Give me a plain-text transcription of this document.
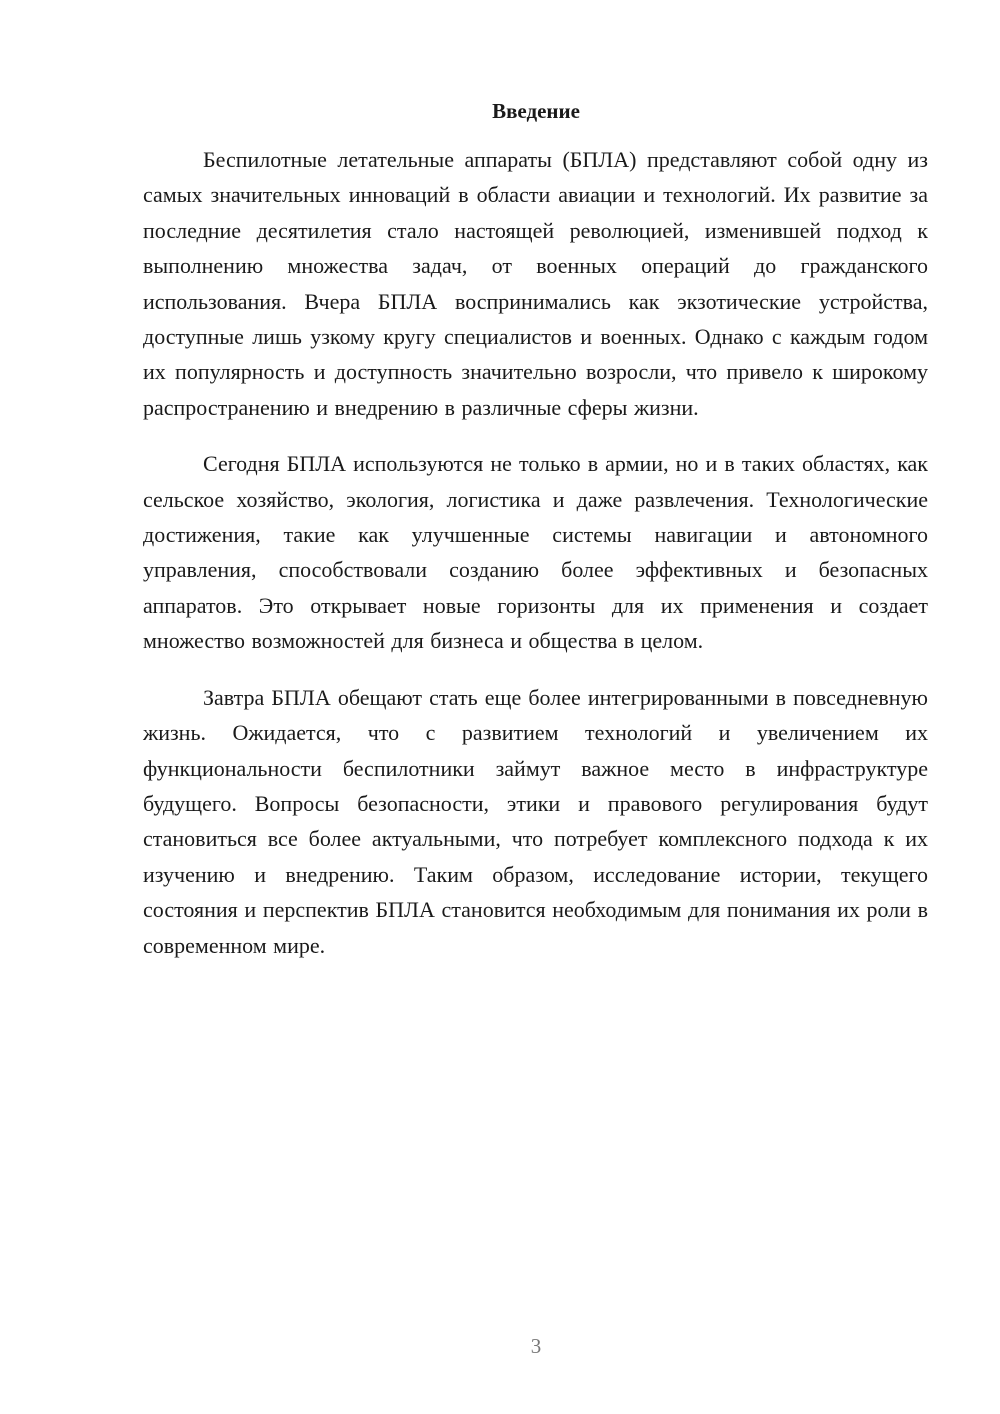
Введение

Беспилотные летательные аппараты (БПЛА) представляют собой одну из самых значительных инноваций в области авиации и технологий. Их развитие за последние десятилетия стало настоящей революцией, изменившей подход к выполнению множества задач, от военных операций до гражданского использования. Вчера БПЛА воспринимались как экзотические устройства, доступные лишь узкому кругу специалистов и военных. Однако с каждым годом их популярность и доступность значительно возросли, что привело к широкому распространению и внедрению в различные сферы жизни.

Сегодня БПЛА используются не только в армии, но и в таких областях, как сельское хозяйство, экология, логистика и даже развлечения. Технологические достижения, такие как улучшенные системы навигации и автономного управления, способствовали созданию более эффективных и безопасных аппаратов. Это открывает новые горизонты для их применения и создает множество возможностей для бизнеса и общества в целом.

Завтра БПЛА обещают стать еще более интегрированными в повседневную жизнь. Ожидается, что с развитием технологий и увеличением их функциональности беспилотники займут важное место в инфраструктуре будущего. Вопросы безопасности, этики и правового регулирования будут становиться все более актуальными, что потребует комплексного подхода к их изучению и внедрению. Таким образом, исследование истории, текущего состояния и перспектив БПЛА становится необходимым для понимания их роли в современном мире.

3
